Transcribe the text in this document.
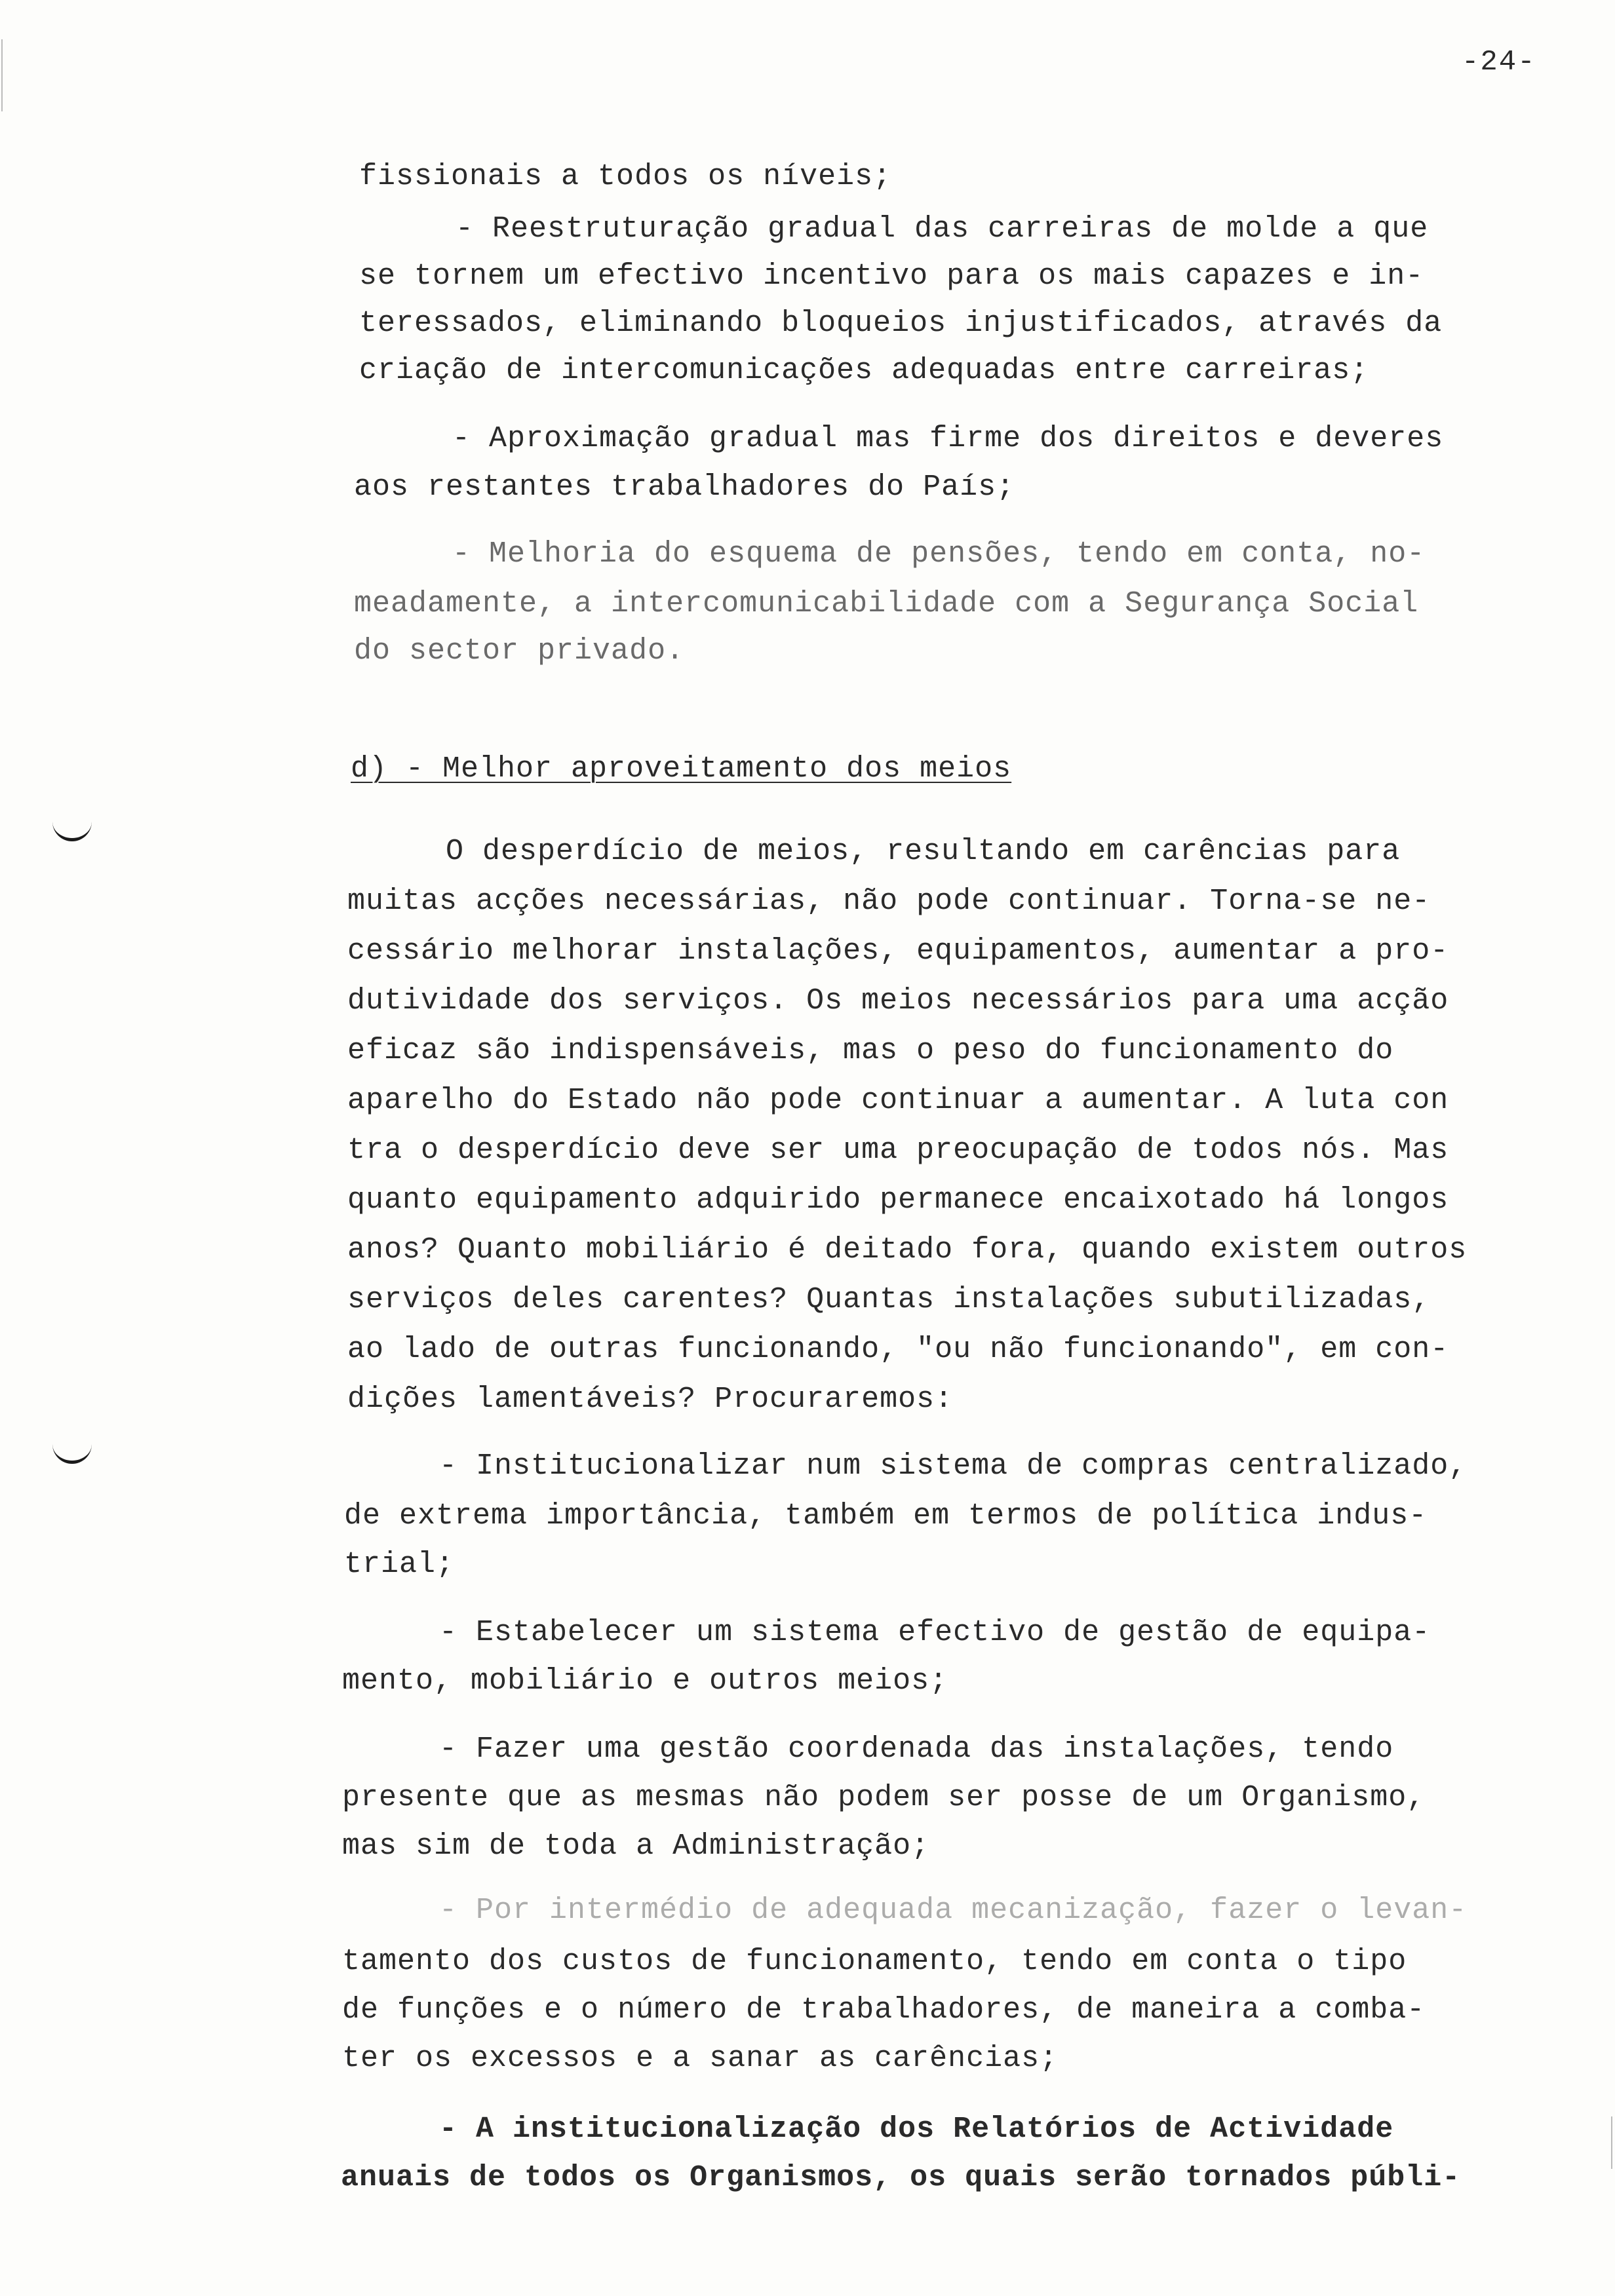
-24-
fissionais a todos os níveis;
- Reestruturação gradual das carreiras de molde a que
se tornem um efectivo incentivo para os mais capazes e in-
teressados, eliminando bloqueios injustificados, através da
criação de intercomunicações adequadas entre carreiras;
- Aproximação gradual mas firme dos direitos e deveres
aos restantes trabalhadores do País;
- Melhoria do esquema de pensões, tendo em conta, no-
meadamente, a intercomunicabilidade com a Segurança Social
do sector privado.
d) - Melhor aproveitamento dos meios
O desperdício de meios, resultando em carências para
muitas acções necessárias, não pode continuar. Torna-se ne-
cessário melhorar instalações, equipamentos, aumentar a pro-
dutividade dos serviços. Os meios necessários para uma acção
eficaz são indispensáveis, mas o peso do funcionamento do
aparelho do Estado não pode continuar a aumentar. A luta con
tra o desperdício deve ser uma preocupação de todos nós. Mas
quanto equipamento adquirido permanece encaixotado há longos
anos? Quanto mobiliário é deitado fora, quando existem outros
serviços deles carentes? Quantas instalações subutilizadas,
ao lado de outras funcionando, "ou não funcionando", em con-
dições lamentáveis? Procuraremos:
- Institucionalizar num sistema de compras centralizado,
de extrema importância, também em termos de política indus-
trial;
- Estabelecer um sistema efectivo de gestão de equipa-
mento, mobiliário e outros meios;
- Fazer uma gestão coordenada das instalações, tendo
presente que as mesmas não podem ser posse de um Organismo,
mas sim de toda a Administração;
- Por intermédio de adequada mecanização, fazer o levan-
tamento dos custos de funcionamento, tendo em conta o tipo
de funções e o número de trabalhadores, de maneira a comba-
ter os excessos e a sanar as carências;
- A institucionalização dos Relatórios de Actividade
anuais de todos os Organismos, os quais serão tornados públi-
